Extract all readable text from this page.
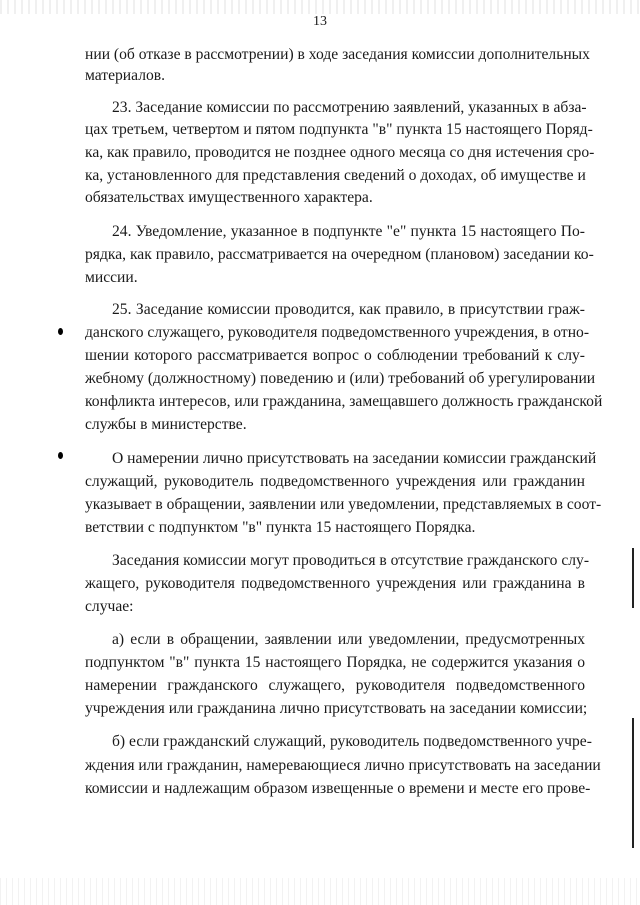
13
нии (об отказе в рассмотрении) в ходе заседания комиссии дополнительных
материалов.
23. Заседание комиссии по рассмотрению заявлений, указанных в абза-
цах третьем, четвертом и пятом подпункта "в" пункта 15 настоящего Поряд-
ка, как правило, проводится не позднее одного месяца со дня истечения сро-
ка, установленного для представления сведений о доходах, об имуществе и
обязательствах имущественного характера.
24. Уведомление, указанное в подпункте "е" пункта 15 настоящего По-
рядка, как правило, рассматривается на очередном (плановом) заседании ко-
миссии.
25. Заседание комиссии проводится, как правило, в присутствии граж-
данского служащего, руководителя подведомственного учреждения, в отно-
шении которого рассматривается вопрос о соблюдении требований к слу-
жебному (должностному) поведению и (или) требований об урегулировании
конфликта интересов, или гражданина, замещавшего должность гражданской
службы в министерстве.
О намерении лично присутствовать на заседании комиссии гражданский
служащий, руководитель подведомственного учреждения или гражданин
указывает в обращении, заявлении или уведомлении, представляемых в соот-
ветствии с подпунктом "в" пункта 15 настоящего Порядка.
Заседания комиссии могут проводиться в отсутствие гражданского слу-
жащего, руководителя подведомственного учреждения или гражданина в
случае:
а) если в обращении, заявлении или уведомлении, предусмотренных
подпунктом "в" пункта 15 настоящего Порядка, не содержится указания о
намерении гражданского служащего, руководителя подведомственного
учреждения или гражданина лично присутствовать на заседании комиссии;
б) если гражданский служащий, руководитель подведомственного учре-
ждения или гражданин, намеревающиеся лично присутствовать на заседании
комиссии и надлежащим образом извещенные о времени и месте его прове-
